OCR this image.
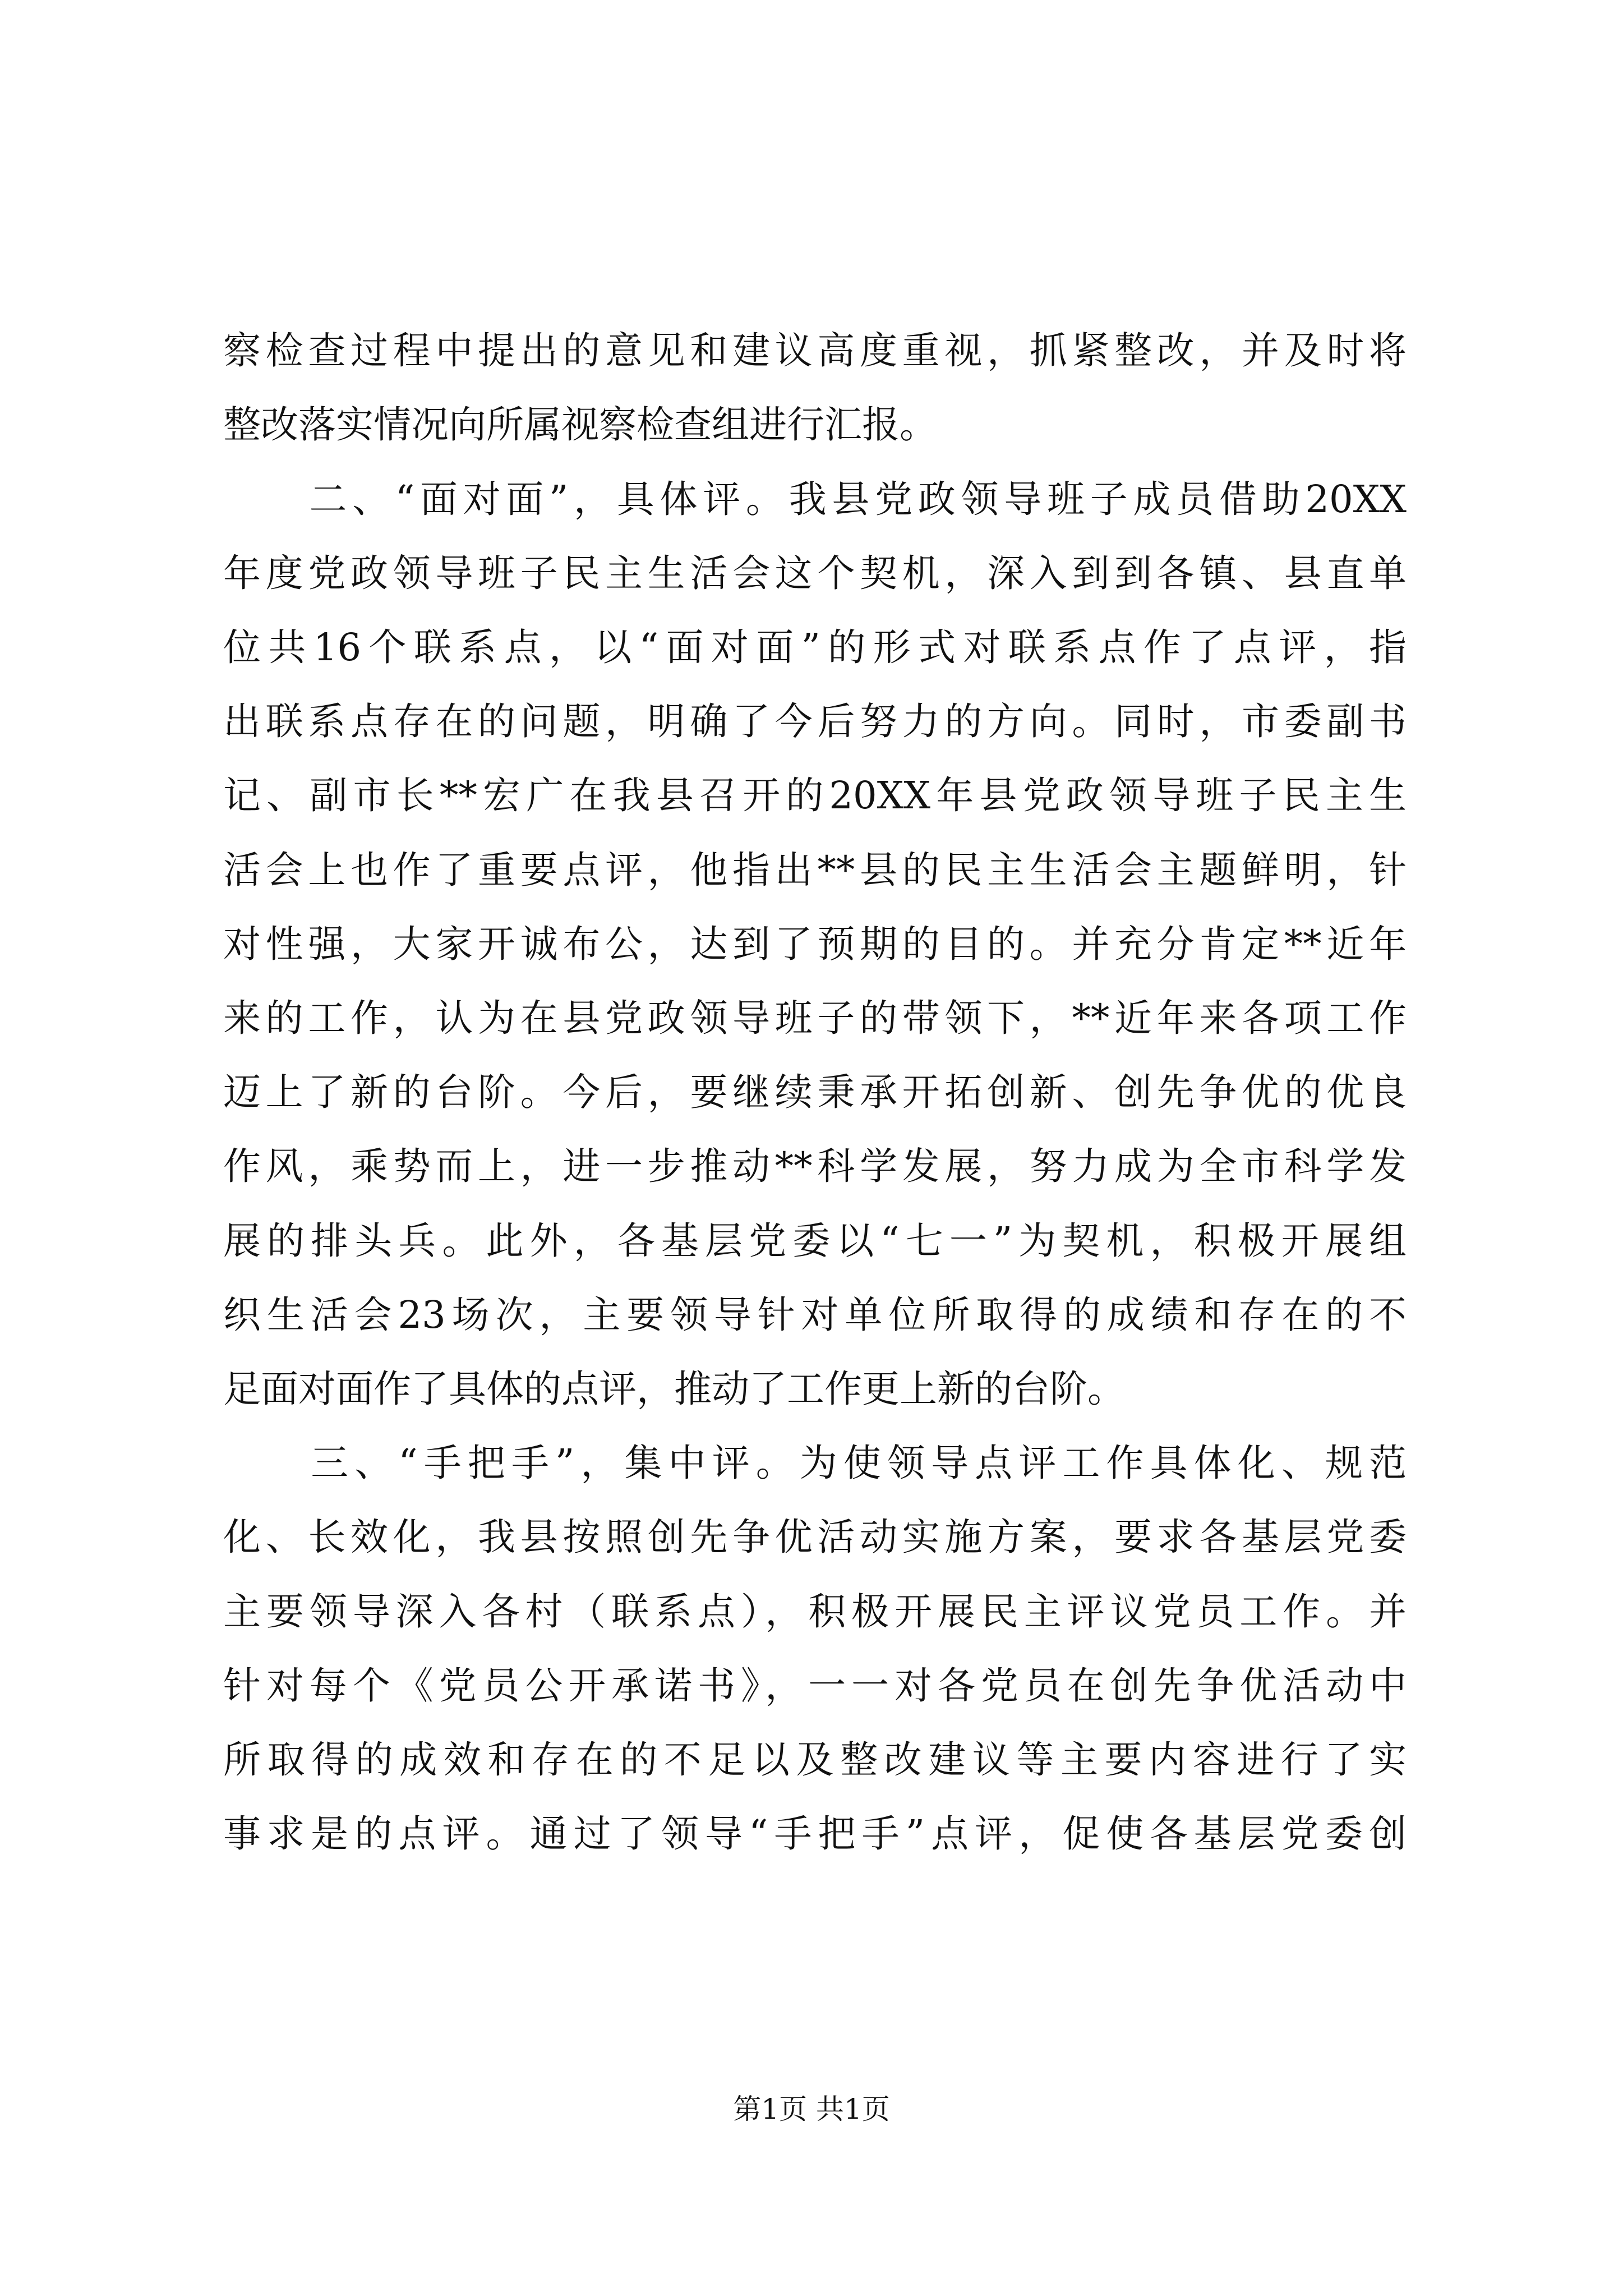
察检查过程中提出的意见和建议高度重视，抓紧整改，并及时将
整改落实情况向所属视察检查组进行汇报。
　　二、“面对面”，具体评。我县党政领导班子成员借助20XX
年度党政领导班子民主生活会这个契机，深入到到各镇、县直单
位共16个联系点，以“面对面”的形式对联系点作了点评，指
出联系点存在的问题，明确了今后努力的方向。同时，市委副书
记、副市长**宏广在我县召开的20XX年县党政领导班子民主生
活会上也作了重要点评，他指出**县的民主生活会主题鲜明，针
对性强，大家开诚布公，达到了预期的目的。并充分肯定**近年
来的工作，认为在县党政领导班子的带领下，**近年来各项工作
迈上了新的台阶。今后，要继续秉承开拓创新、创先争优的优良
作风，乘势而上，进一步推动**科学发展，努力成为全市科学发
展的排头兵。此外，各基层党委以“七一”为契机，积极开展组
织生活会23场次，主要领导针对单位所取得的成绩和存在的不
足面对面作了具体的点评，推动了工作更上新的台阶。
　　三、“手把手”，集中评。为使领导点评工作具体化、规范
化、长效化，我县按照创先争优活动实施方案，要求各基层党委
主要领导深入各村（联系点），积极开展民主评议党员工作。并
针对每个《党员公开承诺书》，一一对各党员在创先争优活动中
所取得的成效和存在的不足以及整改建议等主要内容进行了实
事求是的点评。通过了领导“手把手”点评，促使各基层党委创
第1页 共1页
